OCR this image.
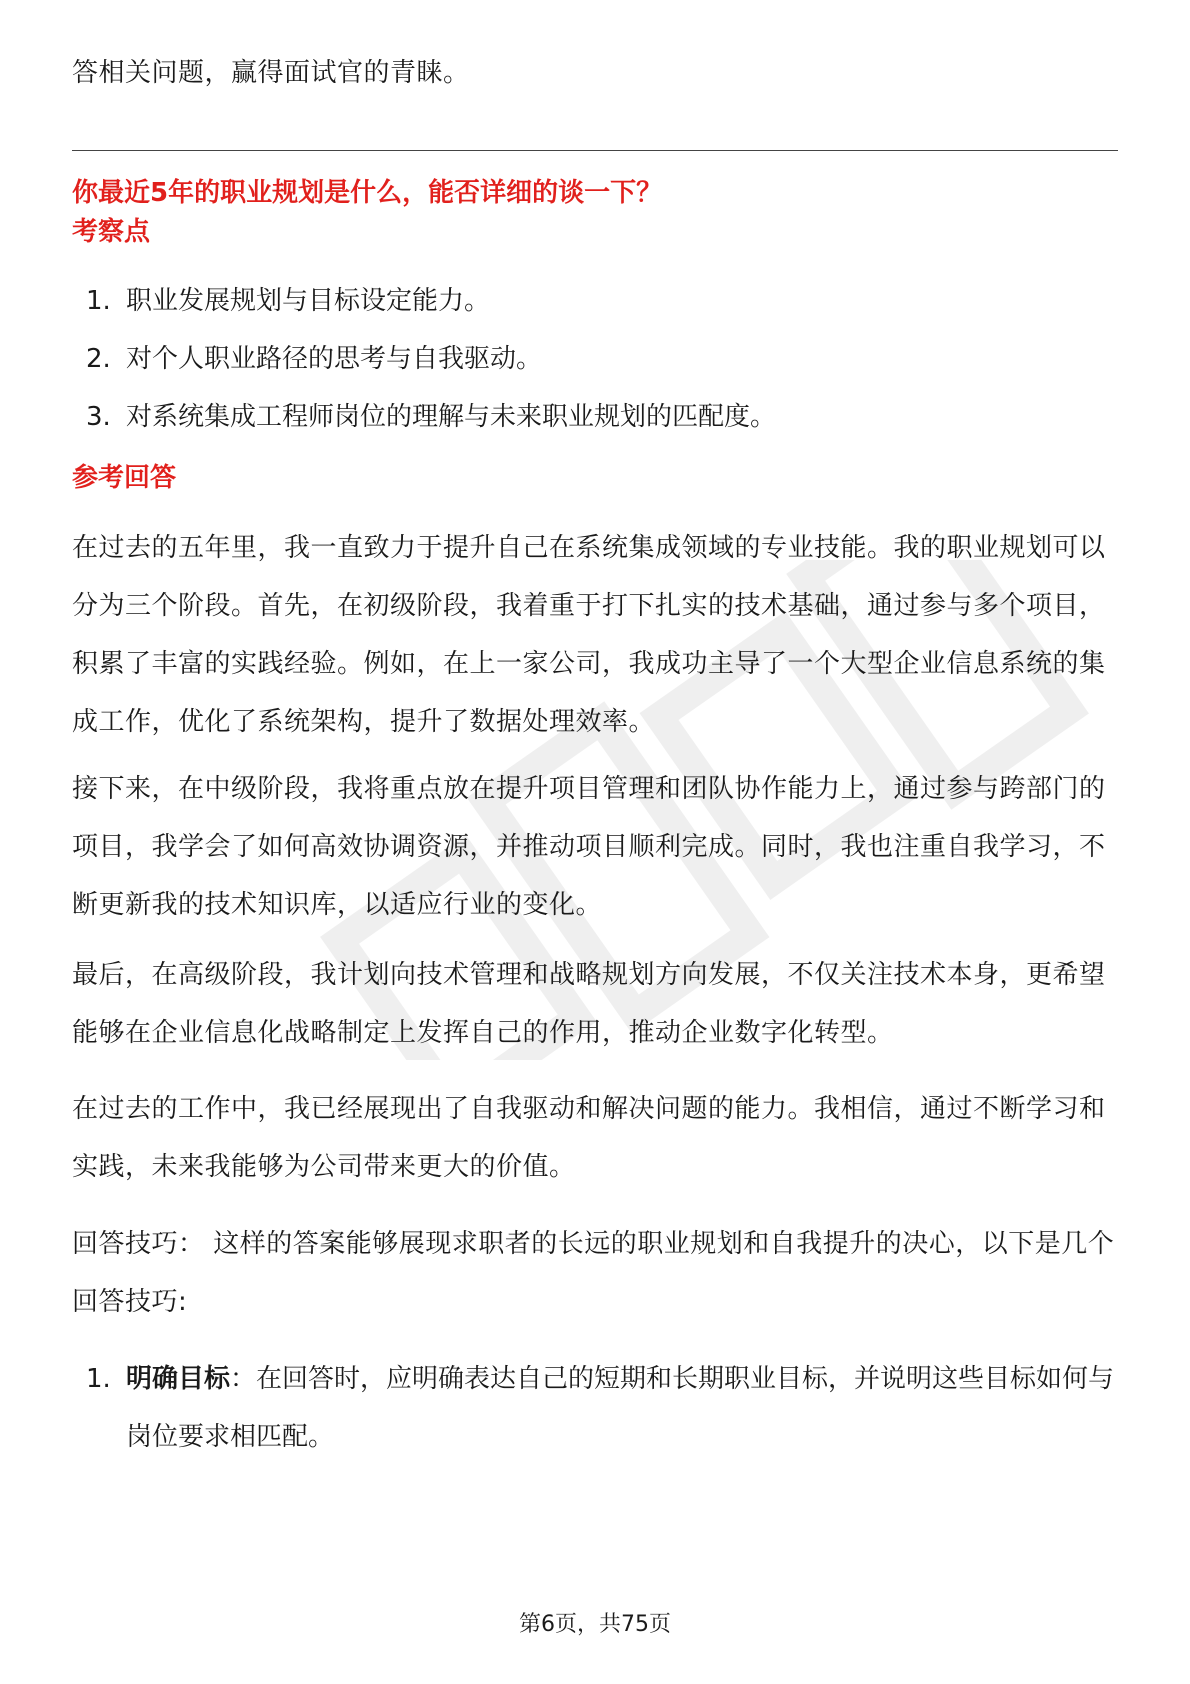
答相关问题，赢得面试官的青睐。

你最近5年的职业规划是什么，能否详细的谈一下？

考察点

1. 职业发展规划与目标设定能力。
2. 对个人职业路径的思考与自我驱动。
3. 对系统集成工程师岗位的理解与未来职业规划的匹配度。

参考回答

在过去的五年里，我一直致力于提升自己在系统集成领域的专业技能。我的职业规划可以分为三个阶段。首先，在初级阶段，我着重于打下扎实的技术基础，通过参与多个项目，积累了丰富的实践经验。例如，在上一家公司，我成功主导了一个大型企业信息系统的集成工作，优化了系统架构，提升了数据处理效率。

接下来，在中级阶段，我将重点放在提升项目管理和团队协作能力上，通过参与跨部门的项目，我学会了如何高效协调资源，并推动项目顺利完成。同时，我也注重自我学习，不断更新我的技术知识库，以适应行业的变化。

最后，在高级阶段，我计划向技术管理和战略规划方向发展，不仅关注技术本身，更希望能够在企业信息化战略制定上发挥自己的作用，推动企业数字化转型。

在过去的工作中，我已经展现出了自我驱动和解决问题的能力。我相信，通过不断学习和实践，未来我能够为公司带来更大的价值。

回答技巧： 这样的答案能够展现求职者的长远的职业规划和自我提升的决心，以下是几个回答技巧:

1. 明确目标：在回答时，应明确表达自己的短期和长期职业目标，并说明这些目标如何与岗位要求相匹配。
第6页，共75页
